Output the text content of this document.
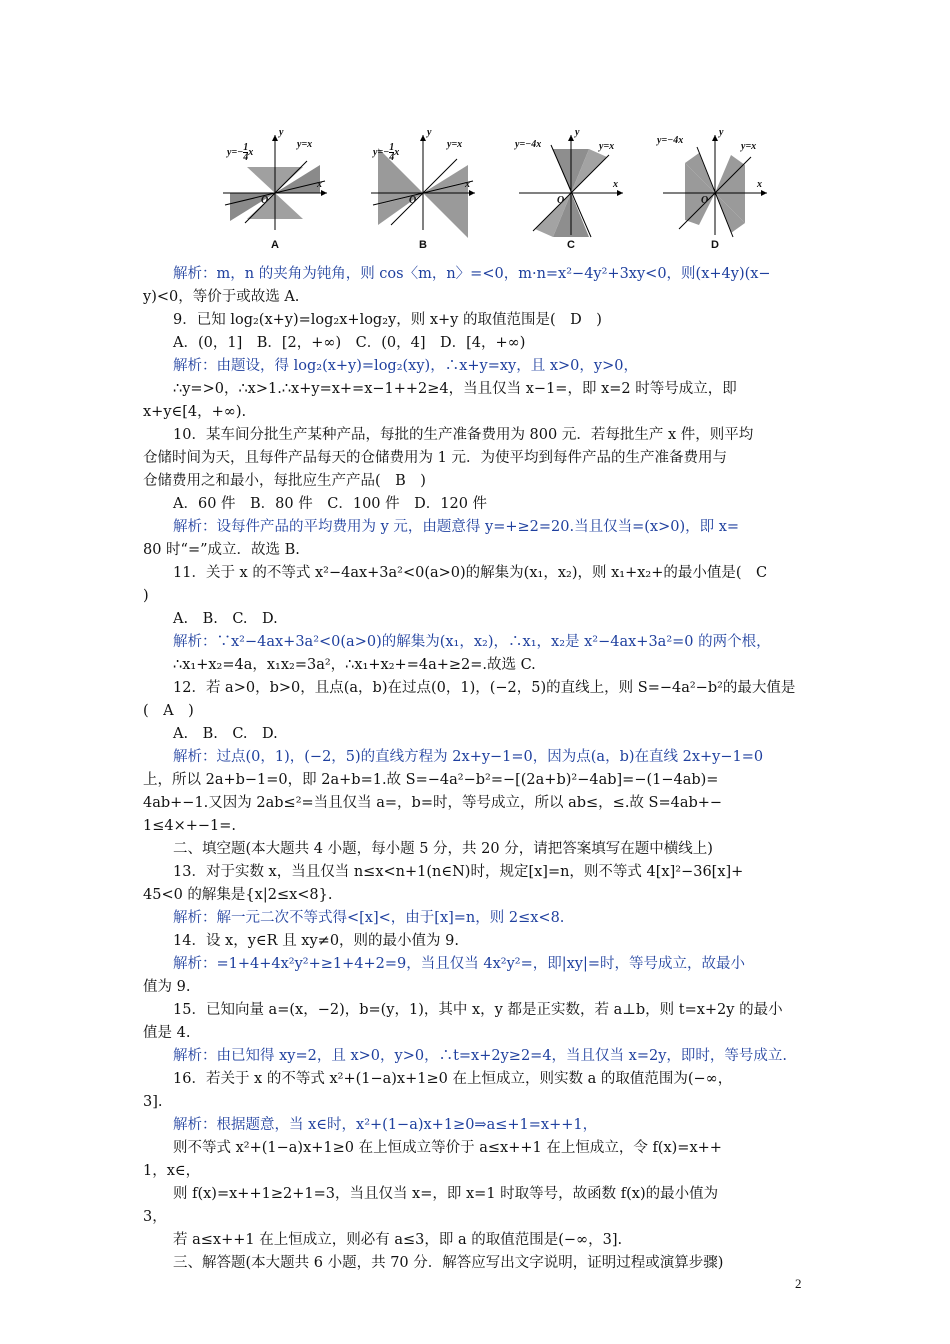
$y=- \frac{1}{4}$ x
y=x
O
x
y
A
$y=- \frac{1}{4}$ x
y=x
O
x
y
B
y=−4x	y=x
O
x
y
C
y=−4x
y=x
O
x
y
D

解析：m，n 的夹角为钝角，则 cos〈m，n〉=<0，m·n=x²−4y²+3xy<0，则(x+4y)(x−

y)<0，等价于或故选 A.

9．已知 log₂(x+y)=log₂x+log₂y，则 x+y 的取值范围是(　D　)

A．(0，1]　B．[2，+∞)　C．(0，4]　D．[4，+∞)

解析：由题设，得 log₂(x+y)=log₂(xy)，∴x+y=xy，且 x>0，y>0，

∴y=>0，∴x>1.∴x+y=x+=x−1++2≥4，当且仅当 x−1=，即 x=2 时等号成立，即

x+y∈[4，+∞).

10．某车间分批生产某种产品，每批的生产准备费用为 800 元．若每批生产 x 件，则平均

仓储时间为天，且每件产品每天的仓储费用为 1 元．为使平均到每件产品的生产准备费用与

仓储费用之和最小，每批应生产产品(　B　)

A．60 件　B．80 件　C．100 件　D．120 件

解析：设每件产品的平均费用为 y 元，由题意得 y=+≥2=20.当且仅当=(x>0)，即 x=

80 时“=”成立．故选 B.

11．关于 x 的不等式 x²−4ax+3a²<0(a>0)的解集为(x₁，x₂)，则 x₁+x₂+的最小值是(　C

)

A.　B.　C.　D.

解析：∵x²−4ax+3a²<0(a>0)的解集为(x₁，x₂)，∴x₁，x₂是 x²−4ax+3a²=0 的两个根，

∴x₁+x₂=4a，x₁x₂=3a²，∴x₁+x₂+=4a+≥2=.故选 C.

12．若 a>0，b>0，且点(a，b)在过点(0，1)，(−2，5)的直线上，则 S=−4a²−b²的最大值是

(　A　)

A.　B.　C.　D.

解析：过点(0，1)，(−2，5)的直线方程为 2x+y−1=0，因为点(a，b)在直线 2x+y−1=0

上，所以 2a+b−1=0，即 2a+b=1.故 S=−4a²−b²=−[(2a+b)²−4ab]=−(1−4ab)=

4ab+−1.又因为 2ab≤²=当且仅当 a=，b=时，等号成立，所以 ab≤，≤.故 S=4ab+−

1≤4×+−1=.

二、填空题(本大题共 4 小题，每小题 5 分，共 20 分，请把答案填写在题中横线上)

13．对于实数 x，当且仅当 n≤x<n+1(n∈N)时，规定[x]=n，则不等式 4[x]²−36[x]+

45<0 的解集是{x|2≤x<8}.

解析：解一元二次不等式得<[x]<，由于[x]=n，则 2≤x<8.

14．设 x，y∈R 且 xy≠0，则的最小值为 9.

解析：=1+4+4x²y²+≥1+4+2=9，当且仅当 4x²y²=，即|xy|=时，等号成立，故最小

值为 9.

15．已知向量 a=(x，−2)，b=(y，1)，其中 x，y 都是正实数，若 a⊥b，则 t=x+2y 的最小

值是 4.

解析：由已知得 xy=2，且 x>0，y>0，∴t=x+2y≥2=4，当且仅当 x=2y，即时，等号成立.

16．若关于 x 的不等式 x²+(1−a)x+1≥0 在上恒成立，则实数 a 的取值范围为(−∞，

3].

解析：根据题意，当 x∈时，x²+(1−a)x+1≥0⇒a≤+1=x++1，

则不等式 x²+(1−a)x+1≥0 在上恒成立等价于 a≤x++1 在上恒成立，令 f(x)=x++

1，x∈，

则 f(x)=x++1≥2+1=3，当且仅当 x=，即 x=1 时取等号，故函数 f(x)的最小值为

3，

若 a≤x++1 在上恒成立，则必有 a≤3，即 a 的取值范围是(−∞，3].

三、解答题(本大题共 6 小题，共 70 分．解答应写出文字说明，证明过程或演算步骤)

2
